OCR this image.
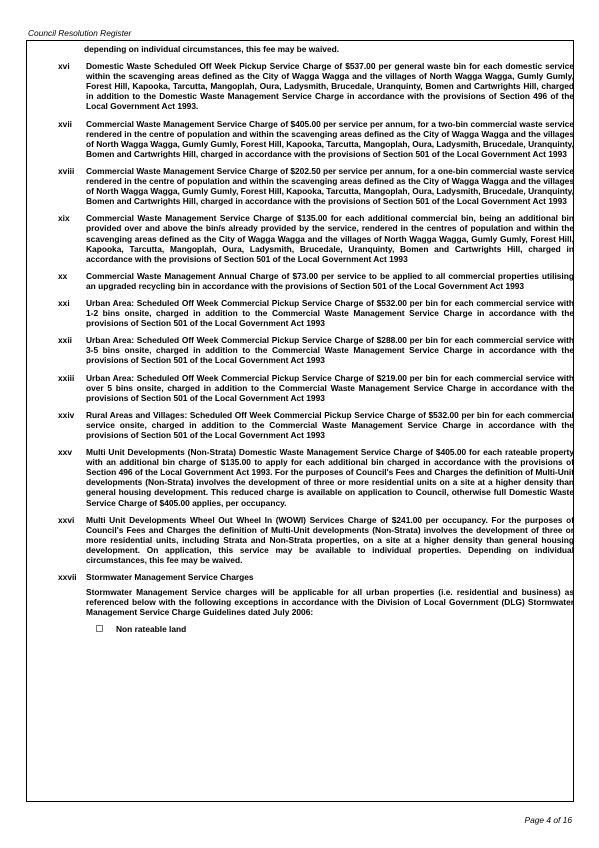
Council Resolution Register
depending on individual circumstances, this fee may be waived.
xvi	Domestic Waste Scheduled Off Week Pickup Service Charge of $537.00 per general waste bin for each domestic service within the scavenging areas defined as the City of Wagga Wagga and the villages of North Wagga Wagga, Gumly Gumly, Forest Hill, Kapooka, Tarcutta, Mangoplah, Oura, Ladysmith, Brucedale, Uranquinty, Bomen and Cartwrights Hill, charged in addition to the Domestic Waste Management Service Charge in accordance with the provisions of Section 496 of the Local Government Act 1993.
xvii	Commercial Waste Management Service Charge of $405.00 per service per annum, for a two-bin commercial waste service rendered in the centre of population and within the scavenging areas defined as the City of Wagga Wagga and the villages of North Wagga Wagga, Gumly Gumly, Forest Hill, Kapooka, Tarcutta, Mangoplah, Oura, Ladysmith, Brucedale, Uranquinty, Bomen and Cartwrights Hill, charged in accordance with the provisions of Section 501 of the Local Government Act 1993
xviii	Commercial Waste Management Service Charge of $202.50 per service per annum, for a one-bin commercial waste service rendered in the centre of population and within the scavenging areas defined as the City of Wagga Wagga and the villages of North Wagga Wagga, Gumly Gumly, Forest Hill, Kapooka, Tarcutta, Mangoplah, Oura, Ladysmith, Brucedale, Uranquinty, Bomen and Cartwrights Hill, charged in accordance with the provisions of Section 501 of the Local Government Act 1993
xix	Commercial Waste Management Service Charge of $135.00 for each additional commercial bin, being an additional bin provided over and above the bin/s already provided by the service, rendered in the centres of population and within the scavenging areas defined as the City of Wagga Wagga and the villages of North Wagga Wagga, Gumly Gumly, Forest Hill, Kapooka, Tarcutta, Mangoplah, Oura, Ladysmith, Brucedale, Uranquinty, Bomen and Cartwrights Hill, charged in accordance with the provisions of Section 501 of the Local Government Act 1993
xx	Commercial Waste Management Annual Charge of $73.00 per service to be applied to all commercial properties utilising an upgraded recycling bin in accordance with the provisions of Section 501 of the Local Government Act 1993
xxi	Urban Area: Scheduled Off Week Commercial Pickup Service Charge of $532.00 per bin for each commercial service with 1-2 bins onsite, charged in addition to the Commercial Waste Management Service Charge in accordance with the provisions of Section 501 of the Local Government Act 1993
xxii	Urban Area: Scheduled Off Week Commercial Pickup Service Charge of $288.00 per bin for each commercial service with 3-5 bins onsite, charged in addition to the Commercial Waste Management Service Charge in accordance with the provisions of Section 501 of the Local Government Act 1993
xxiii	Urban Area: Scheduled Off Week Commercial Pickup Service Charge of $219.00 per bin for each commercial service with over 5 bins onsite, charged in addition to the Commercial Waste Management Service Charge in accordance with the provisions of Section 501 of the Local Government Act 1993
xxiv	Rural Areas and Villages: Scheduled Off Week Commercial Pickup Service Charge of $532.00 per bin for each commercial service onsite, charged in addition to the Commercial Waste Management Service Charge in accordance with the provisions of Section 501 of the Local Government Act 1993
xxv	Multi Unit Developments (Non-Strata) Domestic Waste Management Service Charge of $405.00 for each rateable property with an additional bin charge of $135.00 to apply for each additional bin charged in accordance with the provisions of Section 496 of the Local Government Act 1993. For the purposes of Council's Fees and Charges the definition of Multi-Unit developments (Non-Strata) involves the development of three or more residential units on a site at a higher density than general housing development. This reduced charge is available on application to Council, otherwise full Domestic Waste Service Charge of $405.00 applies, per occupancy.
xxvi	Multi Unit Developments Wheel Out Wheel In (WOWI) Services Charge of $241.00 per occupancy. For the purposes of Council's Fees and Charges the definition of Multi-Unit developments (Non-Strata) involves the development of three or more residential units, including Strata and Non-Strata properties, on a site at a higher density than general housing development. On application, this service may be available to individual properties. Depending on individual circumstances, this fee may be waived.
xxvii	Stormwater Management Service Charges
Stormwater Management Service charges will be applicable for all urban properties (i.e. residential and business) as referenced below with the following exceptions in accordance with the Division of Local Government (DLG) Stormwater Management Service Charge Guidelines dated July 2006:
Non rateable land
Page 4 of 16
